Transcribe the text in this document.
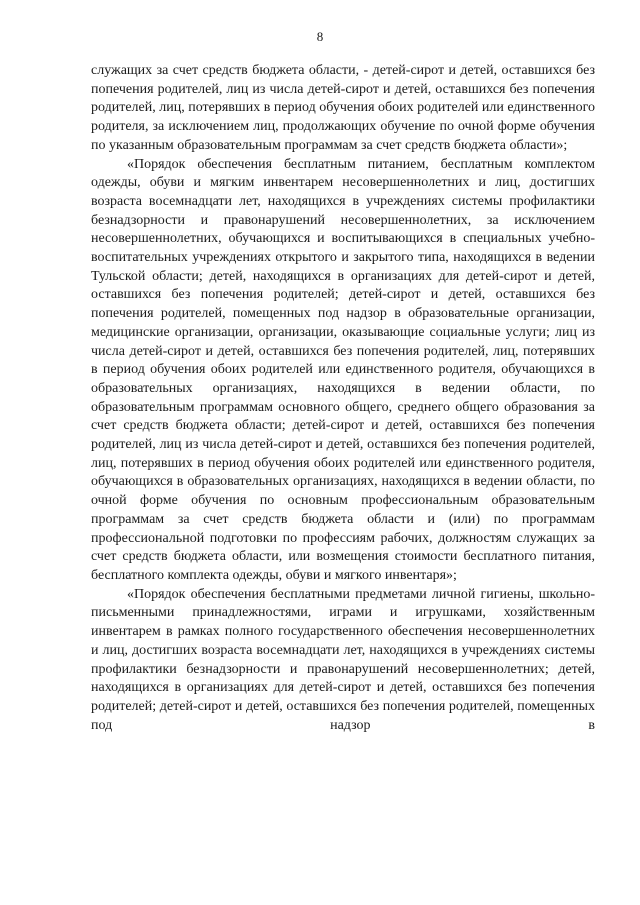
8

служащих за счет средств бюджета области, - детей-сирот и детей, оставшихся без попечения родителей, лиц из числа детей-сирот и детей, оставшихся без попечения родителей, лиц, потерявших в период обучения обоих родителей или единственного родителя, за исключением лиц, продолжающих обучение по очной форме обучения по указанным образовательным программам за счет средств бюджета области»;

«Порядок обеспечения бесплатным питанием, бесплатным комплектом одежды, обуви и мягким инвентарем несовершеннолетних и лиц, достигших возраста восемнадцати лет, находящихся в учреждениях системы профилактики безнадзорности и правонарушений несовершеннолетних, за исключением несовершеннолетних, обучающихся и воспитывающихся в специальных учебно-воспитательных учреждениях открытого и закрытого типа, находящихся в ведении Тульской области; детей, находящихся в организациях для детей-сирот и детей, оставшихся без попечения родителей; детей-сирот и детей, оставшихся без попечения родителей, помещенных под надзор в образовательные организации, медицинские организации, организации, оказывающие социальные услуги; лиц из числа детей-сирот и детей, оставшихся без попечения родителей, лиц, потерявших в период обучения обоих родителей или единственного родителя, обучающихся в образовательных организациях, находящихся в ведении области, по образовательным программам основного общего, среднего общего образования за счет средств бюджета области; детей-сирот и детей, оставшихся без попечения родителей, лиц из числа детей-сирот и детей, оставшихся без попечения родителей, лиц, потерявших в период обучения обоих родителей или единственного родителя, обучающихся в образовательных организациях, находящихся в ведении области, по очной форме обучения по основным профессиональным образовательным программам за счет средств бюджета области и (или) по программам профессиональной подготовки по профессиям рабочих, должностям служащих за счет средств бюджета области, или возмещения стоимости бесплатного питания, бесплатного комплекта одежды, обуви и мягкого инвентаря»;

«Порядок обеспечения бесплатными предметами личной гигиены, школьно-письменными принадлежностями, играми и игрушками, хозяйственным инвентарем в рамках полного государственного обеспечения несовершеннолетних и лиц, достигших возраста восемнадцати лет, находящихся в учреждениях системы профилактики безнадзорности и правонарушений несовершеннолетних; детей, находящихся в организациях для детей-сирот и детей, оставшихся без попечения родителей; детей-сирот и детей, оставшихся без попечения родителей, помещенных под надзор в
